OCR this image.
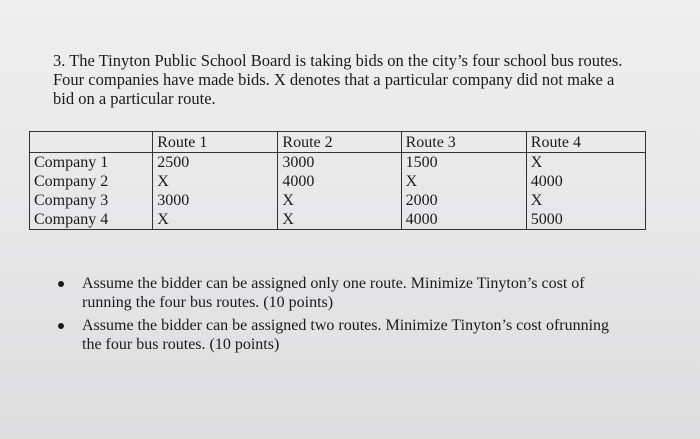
3. The Tinyton Public School Board is taking bids on the city’s four school bus routes.
Four companies have made bids. X denotes that a particular company did not make a
bid on a particular route.
	Route 1	Route 2	Route 3	Route 4
Company 1	2500	3000	1500	X
Company 2	X	4000	X	4000
Company 3	3000	X	2000	X
Company 4	X	X	4000	5000
Assume the bidder can be assigned only one route. Minimize Tinyton’s cost of
running the four bus routes. (10 points)
Assume the bidder can be assigned two routes. Minimize Tinyton’s cost ofrunning
the four bus routes. (10 points)
